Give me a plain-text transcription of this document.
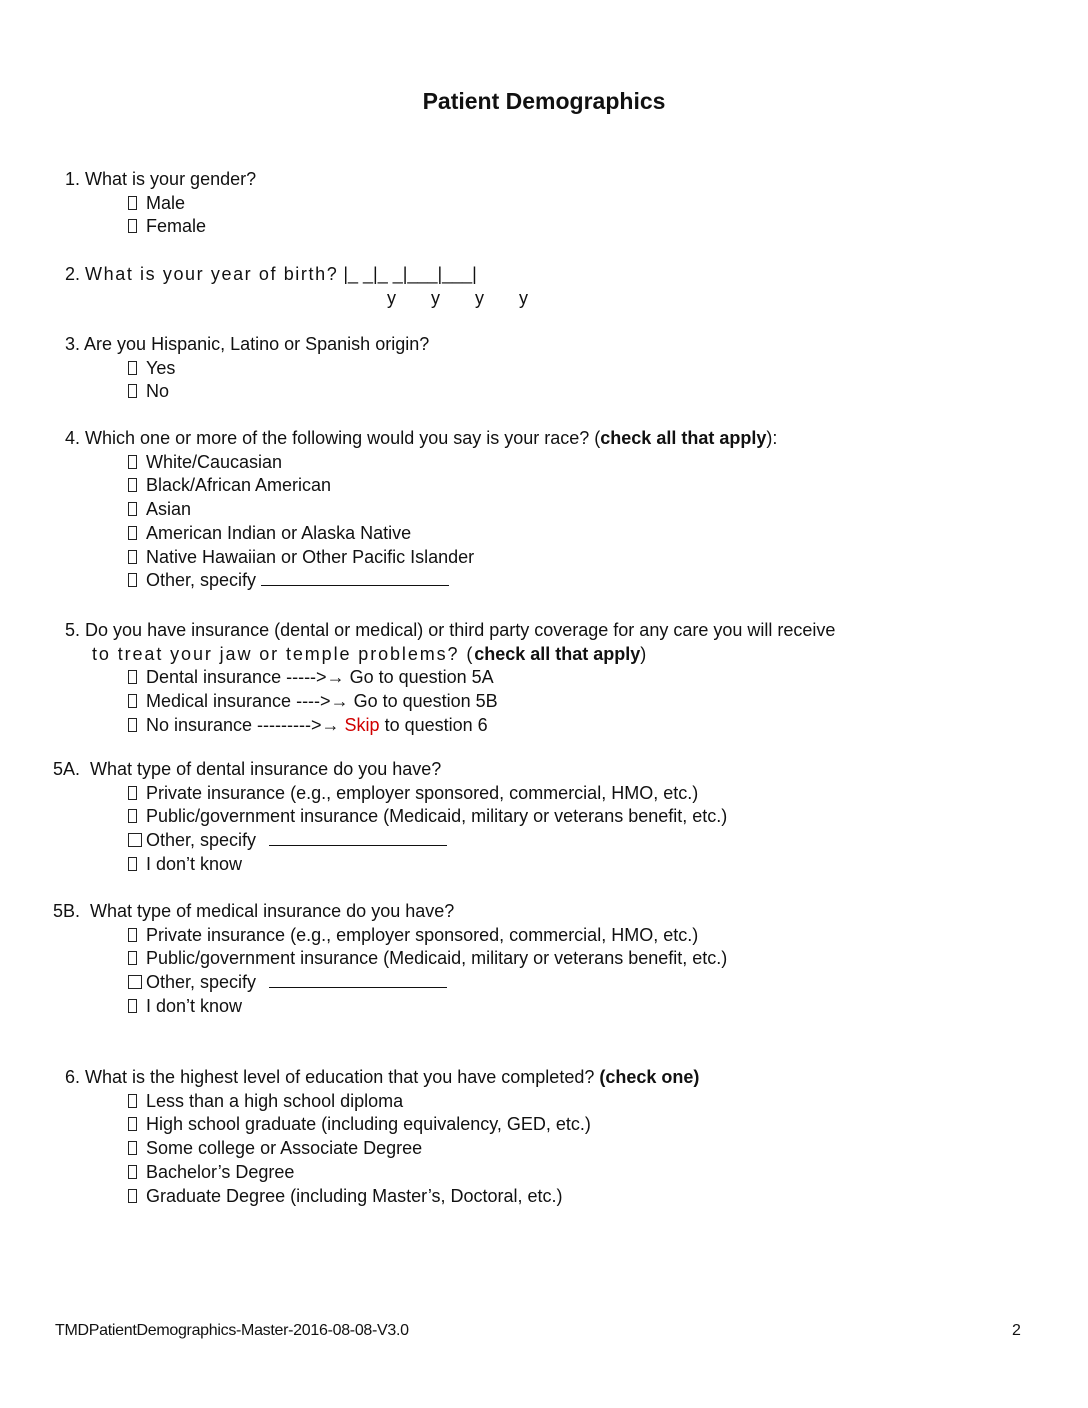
Patient Demographics
1. What is your gender?
Male
Female
2. What is your year of birth? |_ _|_ _|___|___|
y y y y
3. Are you Hispanic, Latino or Spanish origin?
Yes
No
4. Which one or more of the following would you say is your race? (check all that apply):
White/Caucasian
Black/African American
Asian
American Indian or Alaska Native
Native Hawaiian or Other Pacific Islander
Other, specify
5. Do you have insurance (dental or medical) or third party coverage for any care you will receive
to treat your jaw or temple problems? (check all that apply)
Dental insurance ----->→ Go to question 5A
Medical insurance ---->→ Go to question 5B
No insurance --------->→ Skip to question 6
5A. What type of dental insurance do you have?
Private insurance (e.g., employer sponsored, commercial, HMO, etc.)
Public/government insurance (Medicaid, military or veterans benefit, etc.)
Other, specify
I don’t know
5B. What type of medical insurance do you have?
Private insurance (e.g., employer sponsored, commercial, HMO, etc.)
Public/government insurance (Medicaid, military or veterans benefit, etc.)
Other, specify
I don’t know
6. What is the highest level of education that you have completed? (check one)
Less than a high school diploma
High school graduate (including equivalency, GED, etc.)
Some college or Associate Degree
Bachelor’s Degree
Graduate Degree (including Master’s, Doctoral, etc.)
TMDPatientDemographics-Master-2016-08-08-V3.0	2
